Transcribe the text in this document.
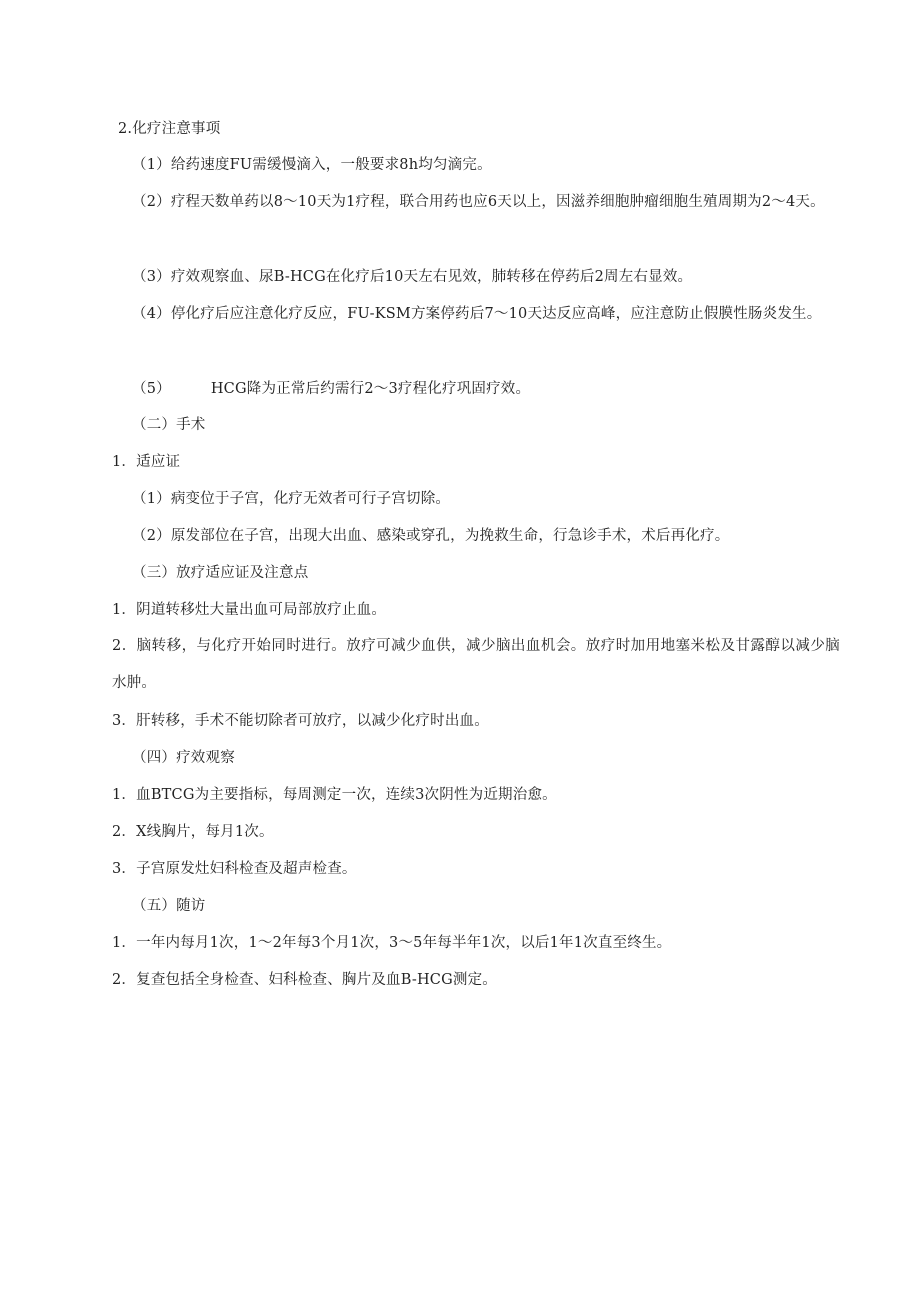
2.化疗注意事项
（1）给药速度FU需缓慢滴入，一般要求8h均匀滴完。
（2）疗程天数单药以8～10天为1疗程，联合用药也应6天以上，因滋养细胞肿瘤细胞生殖周期为2～4天。
（3）疗效观察血、尿B-HCG在化疗后10天左右见效，肺转移在停药后2周左右显效。
（4）停化疗后应注意化疗反应，FU-KSM方案停药后7～10天达反应高峰，应注意防止假膜性肠炎发生。
（5）	HCG降为正常后约需行2～3疗程化疗巩固疗效。
（二）手术
1．适应证
（1）病变位于子宫，化疗无效者可行子宫切除。
（2）原发部位在子宫，出现大出血、感染或穿孔，为挽救生命，行急诊手术，术后再化疗。
（三）放疗适应证及注意点
1．阴道转移灶大量出血可局部放疗止血。
2．脑转移，与化疗开始同时进行。放疗可减少血供，减少脑出血机会。放疗时加用地塞米松及甘露醇以减少脑水肿。
3．肝转移，手术不能切除者可放疗，以减少化疗时出血。
（四）疗效观察
1．血BTCG为主要指标，每周测定一次，连续3次阴性为近期治愈。
2．X线胸片，每月1次。
3．子宫原发灶妇科检查及超声检查。
（五）随访
1．一年内每月1次，1～2年每3个月1次，3～5年每半年1次，以后1年1次直至终生。
2．复查包括全身检查、妇科检查、胸片及血B-HCG测定。
